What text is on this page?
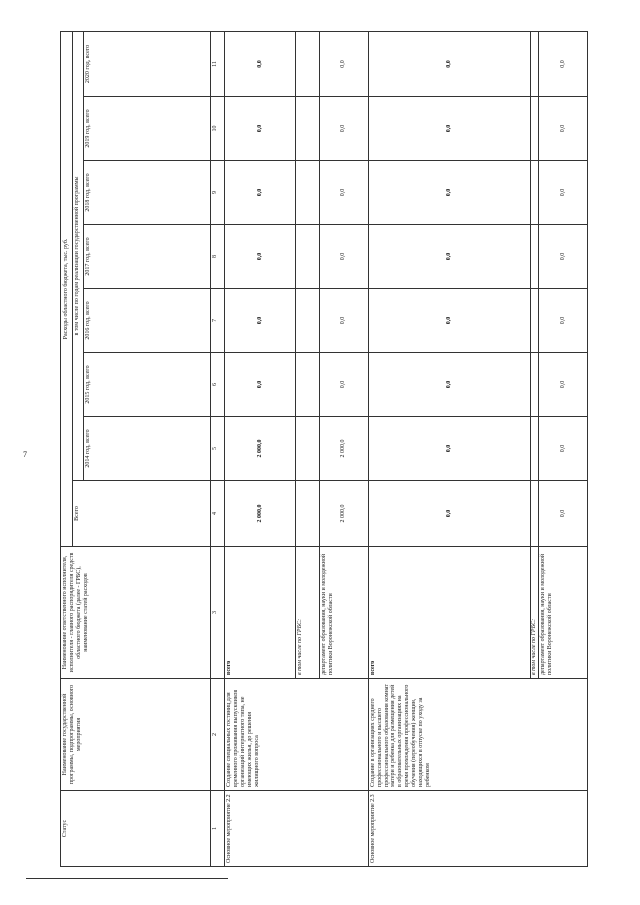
7
Статус	Наименование государственной программы, подпрограммы, основного мероприятия	Наименование ответственного исполнителя, исполнителя - главного распорядителя средств областного бюджета (далее - ГРБС), наименование статей расходов	Расходы областного бюджета, тыс. руб.							
			Всего	в том числе по годам реализации государственной программы						
				2014 год, всего	2015 год, всего	2016 год, всего	2017 год, всего	2018 год, всего	2019 год, всего	2020 год, всего
1	2	3	4	5	6	7	8	9	10	11
Основное мероприятие 2.2	Создание специальных гостиниц для временного проживания выпускников организаций интернатного типа, не имеющих жилья, до решения жилищного вопроса	всего	2 000,0	2 000,0	0,0	0,0	0,0	0,0	0,0	0,0
		в том числе по ГРБС:								
		департамент образования, науки и молодежной политики Воронежской области	2 000,0	2 000,0	0,0	0,0	0,0	0,0	0,0	0,0
Основное мероприятие 2.3	Создание в организациях среднего профессионального и высшего профессионального образования комнат матери и ребенка для размещения детей в образовательных организациях на время прохождения профессионального обучения (переобучения) женщин, находящихся в отпуске по уходу за ребенком	всего	0,0	0,0	0,0	0,0	0,0	0,0	0,0	0,0
		в том числе по ГРБС:								
		департамент образования, науки и молодежной политики Воронежской области	0,0	0,0	0,0	0,0	0,0	0,0	0,0	0,0
